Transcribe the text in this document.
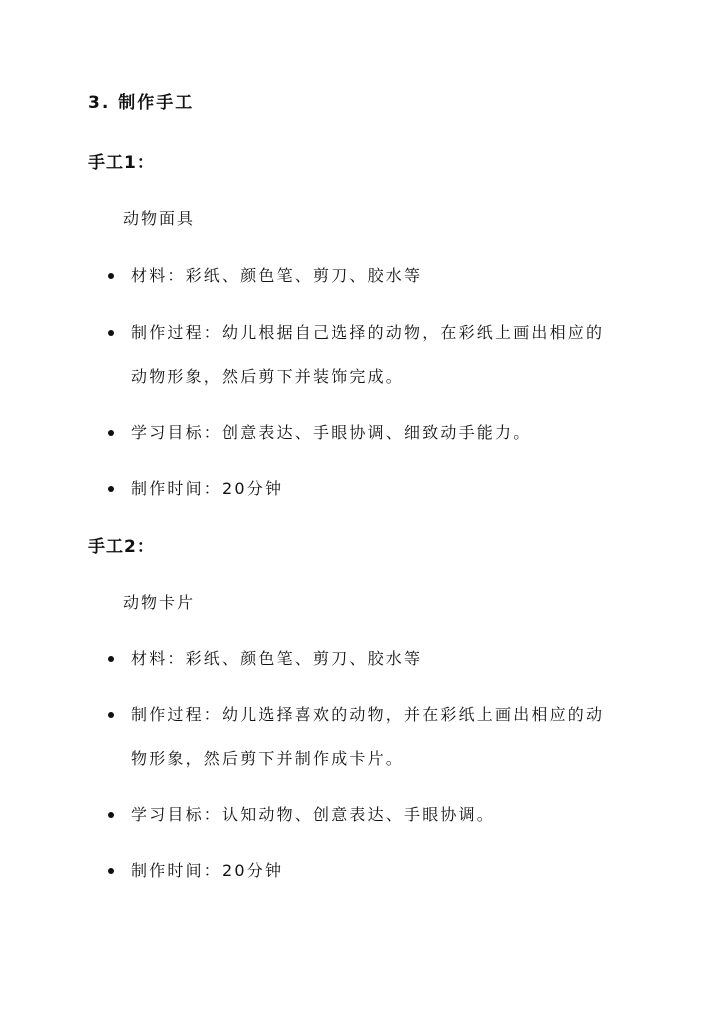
3. 制作手工
手工1：
动物面具
材料：彩纸、颜色笔、剪刀、胶水等
制作过程：幼儿根据自己选择的动物，在彩纸上画出相应的
动物形象，然后剪下并装饰完成。
学习目标：创意表达、手眼协调、细致动手能力。
制作时间：20分钟
手工2：
动物卡片
材料：彩纸、颜色笔、剪刀、胶水等
制作过程：幼儿选择喜欢的动物，并在彩纸上画出相应的动
物形象，然后剪下并制作成卡片。
学习目标：认知动物、创意表达、手眼协调。
制作时间：20分钟
